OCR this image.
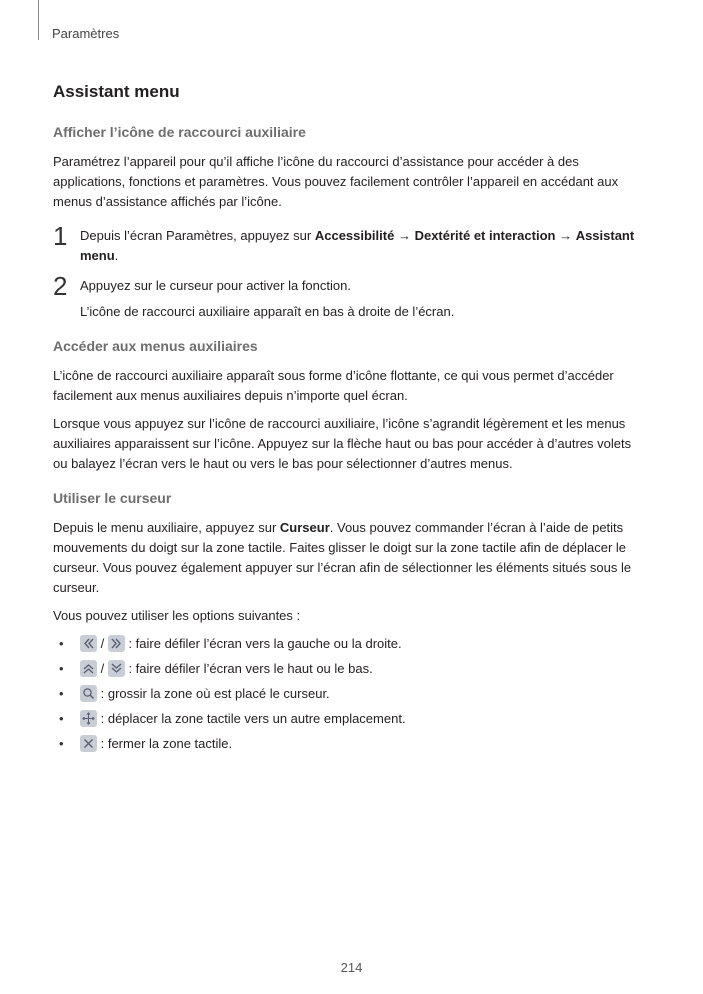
Paramètres
Assistant menu
Afficher l’icône de raccourci auxiliaire

Paramétrez l’appareil pour qu’il affiche l’icône du raccourci d’assistance pour accéder à des applications, fonctions et paramètres. Vous pouvez facilement contrôler l’appareil en accédant aux menus d’assistance affichés par l’icône.

1 Depuis l’écran Paramètres, appuyez sur Accessibilité → Dextérité et interaction → Assistant menu.

2 Appuyez sur le curseur pour activer la fonction.

L’icône de raccourci auxiliaire apparaît en bas à droite de l’écran.

Accéder aux menus auxiliaires

L’icône de raccourci auxiliaire apparaît sous forme d’icône flottante, ce qui vous permet d’accéder facilement aux menus auxiliaires depuis n’importe quel écran.

Lorsque vous appuyez sur l’icône de raccourci auxiliaire, l’icône s’agrandit légèrement et les menus auxiliaires apparaissent sur l’icône. Appuyez sur la flèche haut ou bas pour accéder à d’autres volets ou balayez l’écran vers le haut ou vers le bas pour sélectionner d’autres menus.

Utiliser le curseur

Depuis le menu auxiliaire, appuyez sur Curseur. Vous pouvez commander l’écran à l’aide de petits mouvements du doigt sur la zone tactile. Faites glisser le doigt sur la zone tactile afin de déplacer le curseur. Vous pouvez également appuyer sur l’écran afin de sélectionner les éléments situés sous le curseur.

Vous pouvez utiliser les options suivantes :

•	/
: faire défiler l’écran vers la gauche ou la droite.
•	/
: faire défiler l’écran vers le haut ou le bas.
•	: grossir la zone où est placé le curseur.
•	: déplacer la zone tactile vers un autre emplacement.
•	: fermer la zone tactile.
214
